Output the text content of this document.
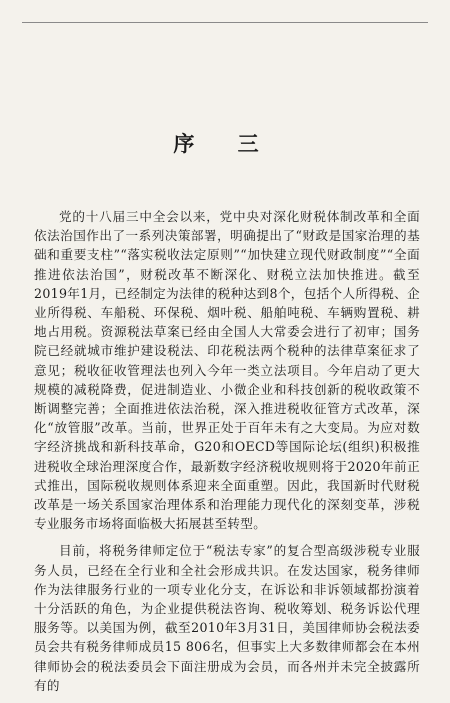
序 三

党的十八届三中全会以来，党中央对深化财税体制改革和全面依法治国作出了一系列决策部署，明确提出了“财政是国家治理的基础和重要支柱”“落实税收法定原则”“加快建立现代财政制度”“全面推进依法治国”，财税改革不断深化、财税立法加快推进。截至2019年1月，已经制定为法律的税种达到8个，包括个人所得税、企业所得税、车船税、环保税、烟叶税、船舶吨税、车辆购置税、耕地占用税。资源税法草案已经由全国人大常委会进行了初审；国务院已经就城市维护建设税法、印花税法两个税种的法律草案征求了意见；税收征收管理法也列入今年一类立法项目。今年启动了更大规模的减税降费，促进制造业、小微企业和科技创新的税收政策不断调整完善；全面推进依法治税，深入推进税收征管方式改革，深化“放管服”改革。当前，世界正处于百年未有之大变局。为应对数字经济挑战和新科技革命，G20和OECD等国际论坛(组织)积极推进税收全球治理深度合作，最新数字经济税收规则将于2020年前正式推出，国际税收规则体系迎来全面重塑。因此，我国新时代财税改革是一场关系国家治理体系和治理能力现代化的深刻变革，涉税专业服务市场将面临极大拓展甚至转型。

目前，将税务律师定位于“税法专家”的复合型高级涉税专业服务人员，已经在全行业和全社会形成共识。在发达国家，税务律师作为法律服务行业的一项专业化分支，在诉讼和非诉领域都扮演着十分活跃的角色，为企业提供税法咨询、税收筹划、税务诉讼代理服务等。以美国为例，截至2010年3月31日，美国律师协会税法委员会共有税务律师成员15 806名，但事实上大多数律师都会在本州律师协会的税法委员会下面注册成为会员，而各州并未完全披露所有的
